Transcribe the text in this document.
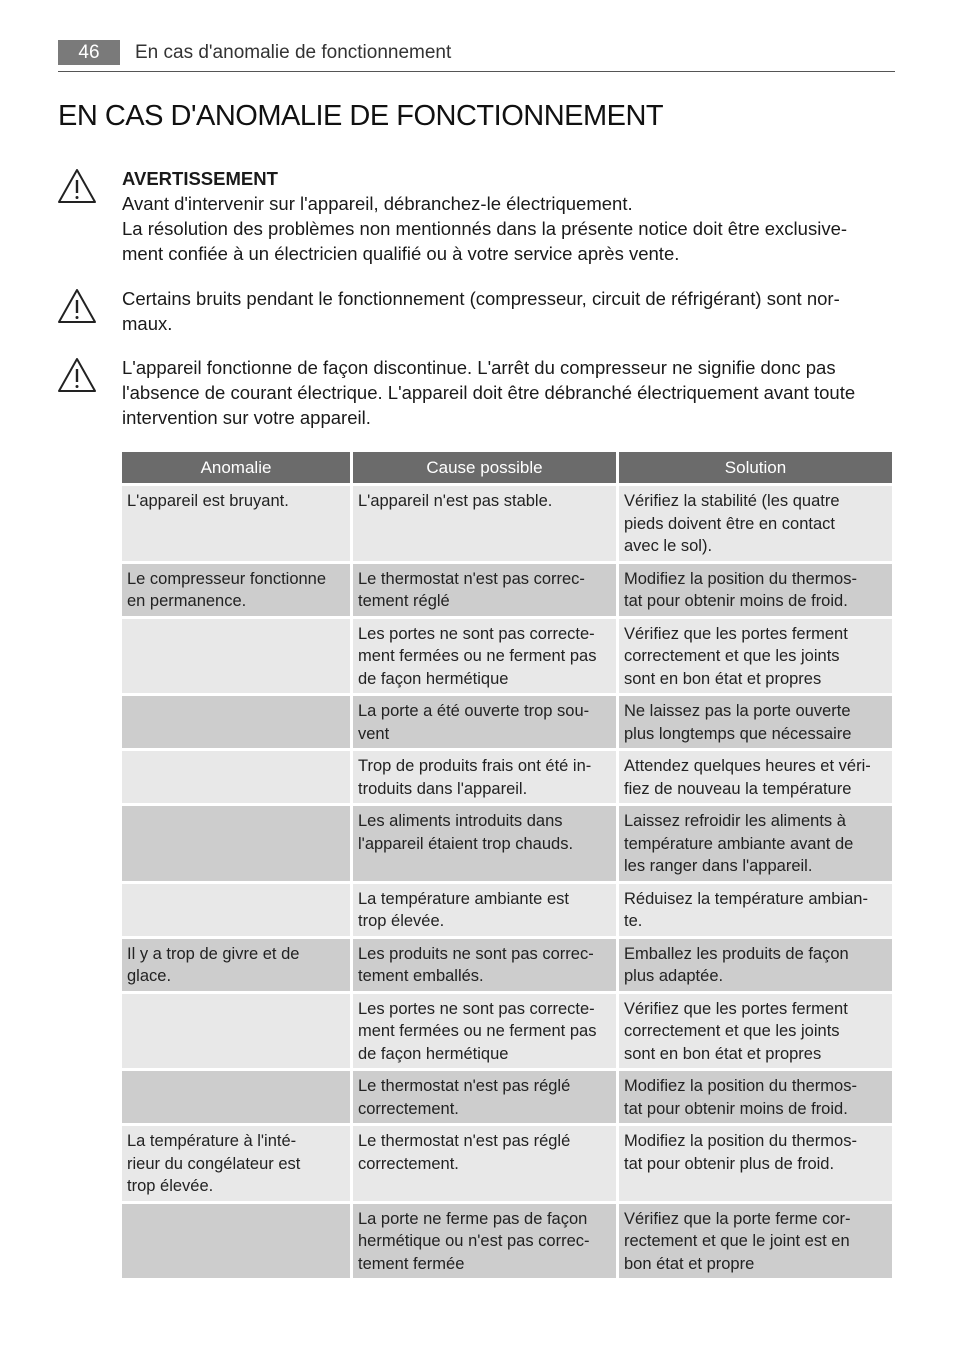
46	En cas d'anomalie de fonctionnement
EN CAS D'ANOMALIE DE FONCTIONNEMENT
AVERTISSEMENT
Avant d'intervenir sur l'appareil, débranchez-le électriquement.
La résolution des problèmes non mentionnés dans la présente notice doit être exclusive-
ment confiée à un électricien qualifié ou à votre service après vente.
Certains bruits pendant le fonctionnement (compresseur, circuit de réfrigérant) sont nor-
maux.
L'appareil fonctionne de façon discontinue. L'arrêt du compresseur ne signifie donc pas
l'absence de courant électrique. L'appareil doit être débranché électriquement avant toute
intervention sur votre appareil.
Anomalie	Cause possible	Solution

L'appareil est bruyant.	L'appareil n'est pas stable.	Vérifiez la stabilité (les quatre
pieds doivent être en contact
avec le sol).

Le compresseur fonctionne
en permanence.	Le thermostat n'est pas correc-
tement réglé	Modifiez la position du thermos-
tat pour obtenir moins de froid.

	Les portes ne sont pas correcte-
ment fermées ou ne ferment pas
de façon hermétique	Vérifiez que les portes ferment
correctement et que les joints
sont en bon état et propres

	La porte a été ouverte trop sou-
vent	Ne laissez pas la porte ouverte
plus longtemps que nécessaire

	Trop de produits frais ont été in-
troduits dans l'appareil.	Attendez quelques heures et véri-
fiez de nouveau la température

	Les aliments introduits dans
l'appareil étaient trop chauds.	Laissez refroidir les aliments à
température ambiante avant de
les ranger dans l'appareil.

	La température ambiante est
trop élevée.	Réduisez la température ambian-
te.

Il y a trop de givre et de
glace.	Les produits ne sont pas correc-
tement emballés.	Emballez les produits de façon
plus adaptée.

	Les portes ne sont pas correcte-
ment fermées ou ne ferment pas
de façon hermétique	Vérifiez que les portes ferment
correctement et que les joints
sont en bon état et propres

	Le thermostat n'est pas réglé
correctement.	Modifiez la position du thermos-
tat pour obtenir moins de froid.

La température à l'inté-
rieur du congélateur est
trop élevée.	Le thermostat n'est pas réglé
correctement.	Modifiez la position du thermos-
tat pour obtenir plus de froid.

	La porte ne ferme pas de façon
hermétique ou n'est pas correc-
tement fermée	Vérifiez que la porte ferme cor-
rectement et que le joint est en
bon état et propre
